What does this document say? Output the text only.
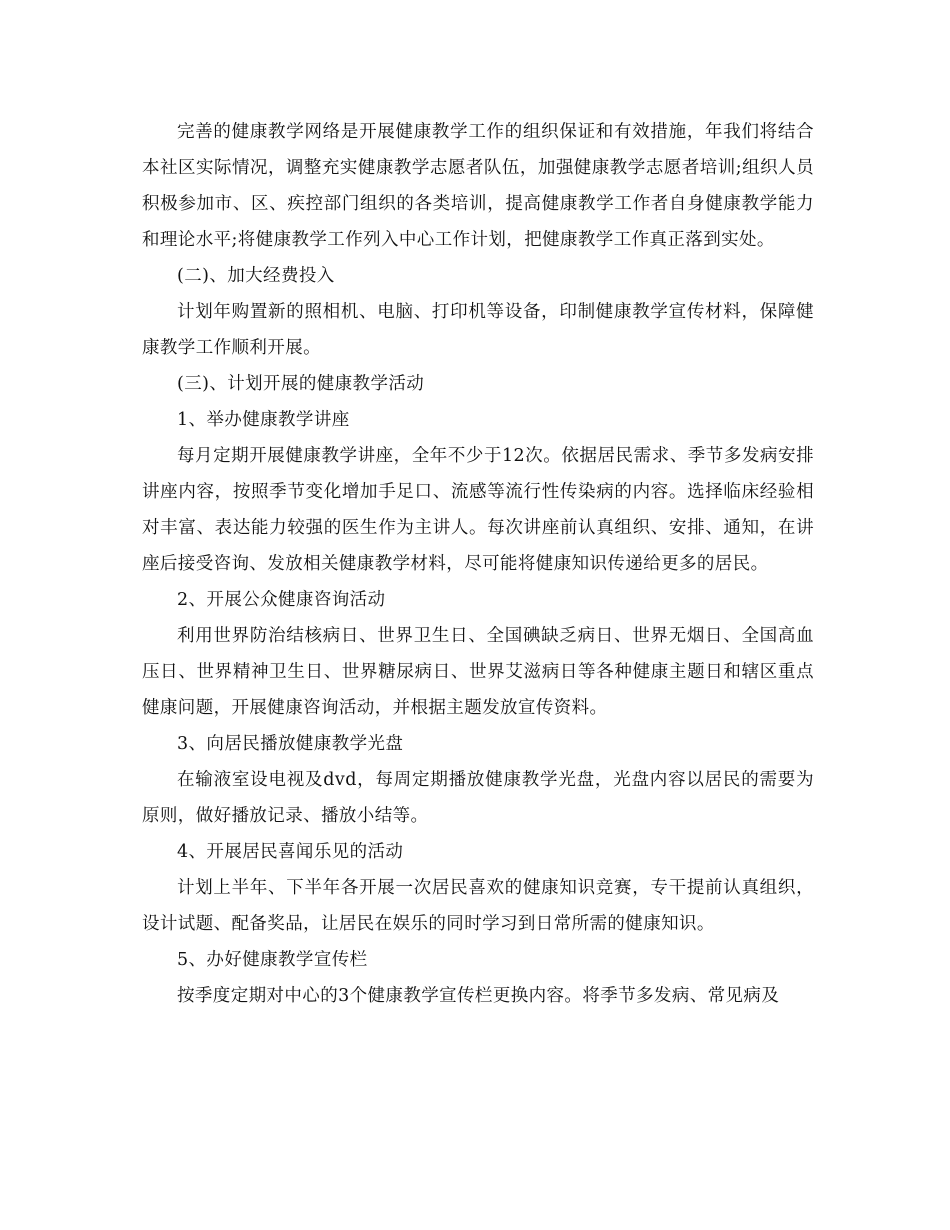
完善的健康教学网络是开展健康教学工作的组织保证和有效措施，年我们将结合本社区实际情况，调整充实健康教学志愿者队伍，加强健康教学志愿者培训;组织人员积极参加市、区、疾控部门组织的各类培训，提高健康教学工作者自身健康教学能力和理论水平;将健康教学工作列入中心工作计划，把健康教学工作真正落到实处。

(二)、加大经费投入

计划年购置新的照相机、电脑、打印机等设备，印制健康教学宣传材料，保障健康教学工作顺利开展。

(三)、计划开展的健康教学活动

1、举办健康教学讲座

每月定期开展健康教学讲座，全年不少于12次。依据居民需求、季节多发病安排讲座内容，按照季节变化增加手足口、流感等流行性传染病的内容。选择临床经验相对丰富、表达能力较强的医生作为主讲人。每次讲座前认真组织、安排、通知，在讲座后接受咨询、发放相关健康教学材料，尽可能将健康知识传递给更多的居民。

2、开展公众健康咨询活动

利用世界防治结核病日、世界卫生日、全国碘缺乏病日、世界无烟日、全国高血压日、世界精神卫生日、世界糖尿病日、世界艾滋病日等各种健康主题日和辖区重点健康问题，开展健康咨询活动，并根据主题发放宣传资料。

3、向居民播放健康教学光盘

在输液室设电视及dvd，每周定期播放健康教学光盘，光盘内容以居民的需要为原则，做好播放记录、播放小结等。

4、开展居民喜闻乐见的活动

计划上半年、下半年各开展一次居民喜欢的健康知识竞赛，专干提前认真组织，设计试题、配备奖品，让居民在娱乐的同时学习到日常所需的健康知识。

5、办好健康教学宣传栏

按季度定期对中心的3个健康教学宣传栏更换内容。将季节多发病、常见病及
